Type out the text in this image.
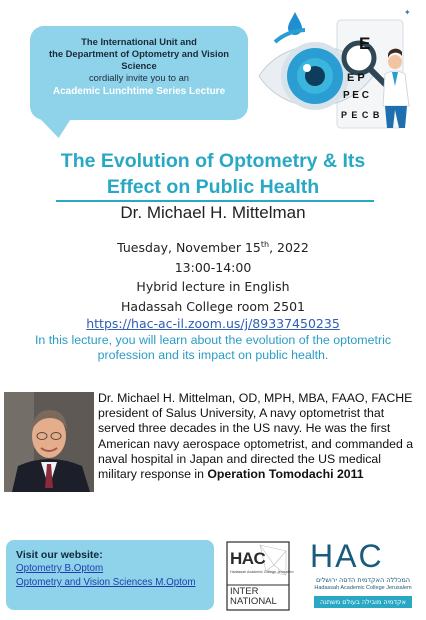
The International Unit and
the Department of Optometry and Vision Science
cordially invite you to an
Academic Lunchtime Series Lecture
E
E P
P E C
P E C B
✦
The Evolution of Optometry & Its
Effect on Public Health
Dr. Michael H. Mittelman
Tuesday, November 15th, 2022
13:00-14:00
Hybrid lecture in English
Hadassah College room 2501
https://hac-ac-il.zoom.us/j/89337450235
In this lecture, you will learn about the evolution of the optometric profession and its impact on public health.
Dr. Michael H. Mittelman, OD, MPH, MBA, FAAO, FACHE president of Salus University, A navy optometrist that served three decades in the US navy. He was the first American navy aerospace optometrist, and commanded a naval hospital in Japan and directed the US medical military response in Operation Tomodachi 2011
Visit our website:
Optometry B.Optom
Optometry and Vision Sciences M.Optom
HAC
Hadassah Academic College Jerusalem
INTER
NATIONAL
HAC
המכללה האקדמית הדסה ירושלים
Hadassah Academic College Jerusalem
אקדמיה מובילה בעולם משתנה
